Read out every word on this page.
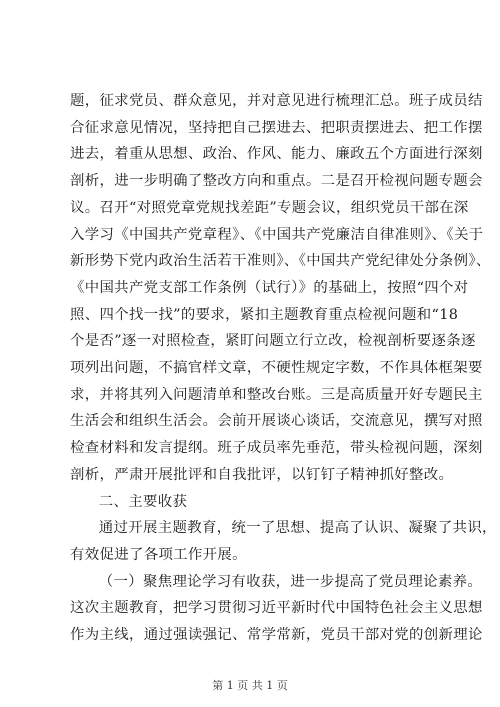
题，征求党员、群众意见，并对意见进行梳理汇总。班子成员结
合征求意见情况，坚持把自己摆进去、把职责摆进去、把工作摆
进去，着重从思想、政治、作风、能力、廉政五个方面进行深刻
剖析，进一步明确了整改方向和重点。二是召开检视问题专题会
议。召开“对照党章党规找差距”专题会议，组织党员干部在深
入学习《中国共产党章程》、《中国共产党廉洁自律准则》、《关于
新形势下党内政治生活若干准则》、《中国共产党纪律处分条例》、
《中国共产党支部工作条例（试行）》的基础上，按照“四个对
照、四个找一找”的要求，紧扣主题教育重点检视问题和“18
个是否”逐一对照检查，紧盯问题立行立改，检视剖析要逐条逐
项列出问题，不搞官样文章，不硬性规定字数，不作具体框架要
求，并将其列入问题清单和整改台账。三是高质量开好专题民主
生活会和组织生活会。会前开展谈心谈话，交流意见，撰写对照
检查材料和发言提纲。班子成员率先垂范，带头检视问题，深刻
剖析，严肃开展批评和自我批评，以钉钉子精神抓好整改。
二、主要收获
通过开展主题教育，统一了思想、提高了认识、凝聚了共识，
有效促进了各项工作开展。
（一）聚焦理论学习有收获，进一步提高了党员理论素养。
这次主题教育，把学习贯彻习近平新时代中国特色社会主义思想
作为主线，通过强读强记、常学常新，党员干部对党的创新理论
第 1 页 共 1 页
